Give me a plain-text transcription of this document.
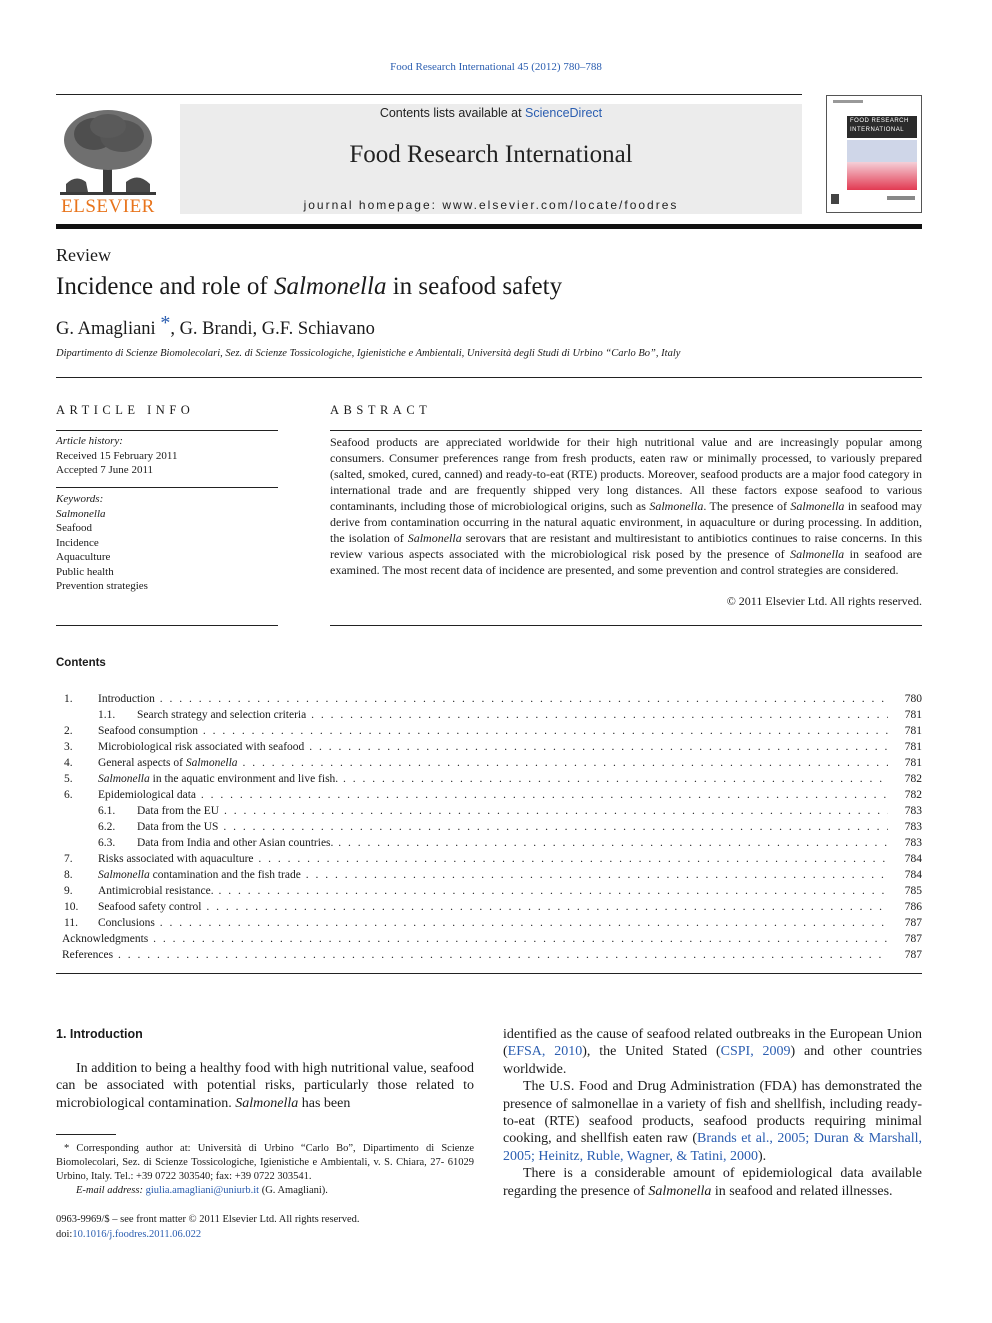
Food Research International 45 (2012) 780–788
ELSEVIER
Contents lists available at ScienceDirect
Food Research International
journal homepage: www.elsevier.com/locate/foodres
FOOD RESEARCH
INTERNATIONAL
Review
Incidence and role of Salmonella in seafood safety
G. Amagliani *, G. Brandi, G.F. Schiavano
Dipartimento di Scienze Biomolecolari, Sez. di Scienze Tossicologiche, Igienistiche e Ambientali, Università degli Studi di Urbino “Carlo Bo”, Italy
ARTICLE INFO	ABSTRACT
Article history:
Received 15 February 2011
Accepted 7 June 2011
Keywords:
Salmonella
Seafood
Incidence
Aquaculture
Public health
Prevention strategies
Seafood products are appreciated worldwide for their high nutritional value and are increasingly popular among consumers. Consumer preferences range from fresh products, eaten raw or minimally processed, to variously prepared (salted, smoked, cured, canned) and ready-to-eat (RTE) products. Moreover, seafood products are a major food category in international trade and are frequently shipped very long distances. All these factors expose seafood to various contaminants, including those of microbiological origins, such as Salmonella. The presence of Salmonella in seafood may derive from contamination occurring in the natural aquatic environment, in aquaculture or during processing. In addition, the isolation of Salmonella serovars that are resistant and multiresistant to antibiotics continues to raise concerns. In this review various aspects associated with the microbiological risk posed by the presence of Salmonella in seafood are examined. The most recent data of incidence are presented, and some prevention and control strategies are considered.
© 2011 Elsevier Ltd. All rights reserved.
Contents
1. Introduction . . .	780
1.1. Search strategy and selection criteria . . .	781
2. Seafood consumption . . .	781
3. Microbiological risk associated with seafood . . .	781
4. General aspects of Salmonella . . .	781
5. Salmonella in the aquatic environment and live fish. . . .	782
6. Epidemiological data . . .	782
6.1. Data from the EU . . .	783
6.2. Data from the US . . .	783
6.3. Data from India and other Asian countries. . . .	783
7. Risks associated with aquaculture . . .	784
8. Salmonella contamination and the fish trade . . .	784
9. Antimicrobial resistance. . . .	785
10. Seafood safety control . . .	786
11. Conclusions . . .	787
Acknowledgments . . .	787
References . . .	787
1. Introduction
In addition to being a healthy food with high nutritional value, seafood can be associated with potential risks, particularly those related to microbiological contamination. Salmonella has been

identified as the cause of seafood related outbreaks in the European Union (EFSA, 2010), the United Stated (CSPI, 2009) and other countries worldwide.

The U.S. Food and Drug Administration (FDA) has demonstrated the presence of salmonellae in a variety of fish and shellfish, including ready-to-eat (RTE) seafood products, seafood products requiring minimal cooking, and shellfish eaten raw (Brands et al., 2005; Duran & Marshall, 2005; Heinitz, Ruble, Wagner, & Tatini, 2000).

There is a considerable amount of epidemiological data available regarding the presence of Salmonella in seafood and related illnesses.

* Corresponding author at: Università di Urbino “Carlo Bo”, Dipartimento di Scienze Biomolecolari, Sez. di Scienze Tossicologiche, Igienistiche e Ambientali, v. S. Chiara, 27- 61029 Urbino, Italy. Tel.: +39 0722 303540; fax: +39 0722 303541.
E-mail address: giulia.amagliani@uniurb.it (G. Amagliani).
0963-9969/$ – see front matter © 2011 Elsevier Ltd. All rights reserved.
doi:10.1016/j.foodres.2011.06.022
